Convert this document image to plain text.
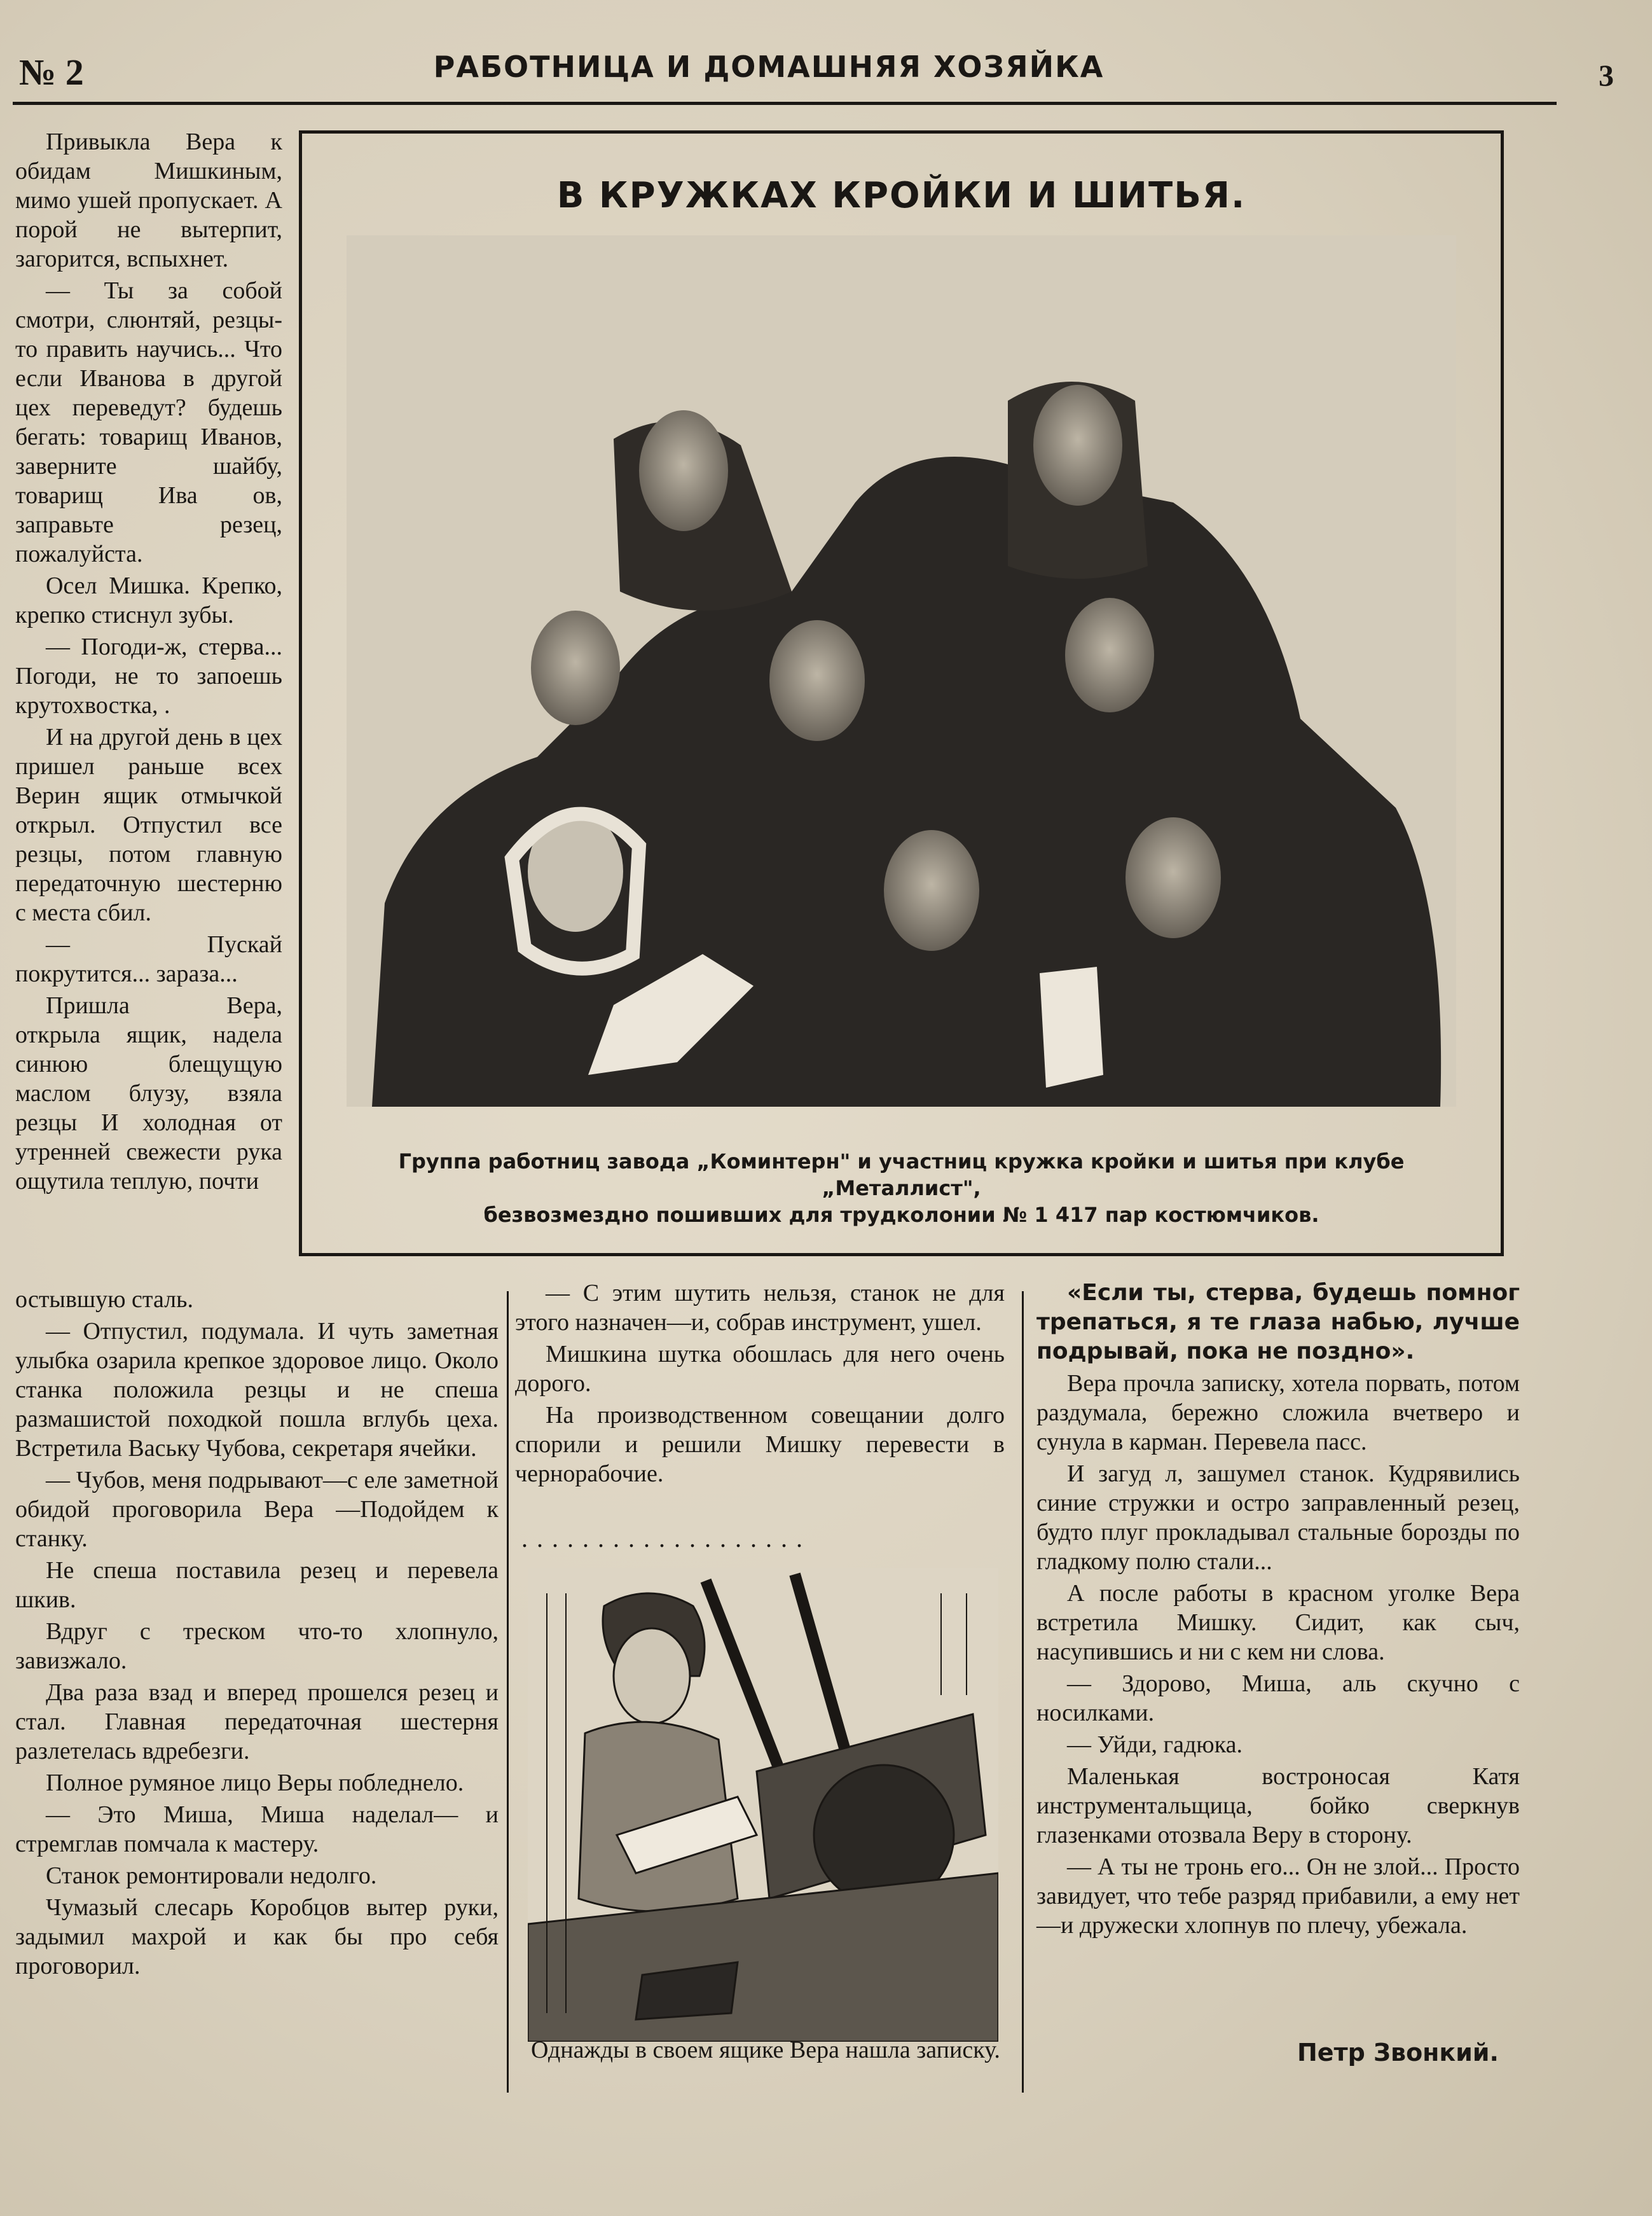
№ 2	РАБОТНИЦА И ДОМАШНЯЯ ХОЗЯЙКА	3

Привыкла Вера к обидам Мишкиным, мимо ушей пропускает. А порой не вытерпит, загорится, вспыхнет.

— Ты за собой смотри, слюнтяй, резцы-то править научись... Что если Иванова в другой цех переведут? будешь бегать: товарищ Иванов, заверните шайбу, товарищ Ива ов, заправьте резец, пожалуйста.

Осел Мишка. Крепко, крепко стиснул зубы.

— Погоди-ж, стерва... Погоди, не то запоешь крутохвостка, .

И на другой день в цех пришел раньше всех Верин ящик отмычкой открыл. Отпустил все резцы, потом главную передаточную шестерню с места сбил.

— Пускай покрутится... зараза...

Пришла Вера, открыла ящик, надела синюю блещущую маслом блузу, взяла резцы И холодная от утренней свежести рука ощутила теплую, почти

В КРУЖКАХ КРОЙКИ И ШИТЬЯ.
Группа работниц завода „Коминтерн" и участниц кружка кройки и шитья при клубе „Металлист",
безвозмездно пошивших для трудколонии № 1 417 пар костюмчиков.

остывшую сталь.

— Отпустил, подумала. И чуть заметная улыбка озарила крепкое здоровое лицо. Около станка положила резцы и не спеша размашистой походкой пошла вглубь цеха. Встретила Ваську Чубова, секретаря ячейки.

— Чубов, меня подрывают—с еле заметной обидой проговорила Вера —Подойдем к станку.

Не спеша поставила резец и перевела шкив.

Вдруг с треском что-то хлопнуло, завизжало.

Два раза взад и вперед прошелся резец и стал. Главная передаточная шестерня разлетелась вдребезги.

Полное румяное лицо Веры побледнело.

— Это Миша, Миша наделал— и стремглав помчала к мастеру.

Станок ремонтировали недолго.

Чумазый слесарь Коробцов вытер руки, задымил махрой и как бы про себя проговорил.

— С этим шутить нельзя, станок не для этого назначен—и, собрав инструмент, ушел.

Мишкина шутка обошлась для него очень дорого.

На производственном совещании долго спорили и решили Мишку перевести в чернорабочие.

...................
Однажды в своем ящике Вера нашла записку.

«Если ты, стерва, будешь помног трепаться, я те глаза набью, лучше подрывай, пока не поздно».

Вера прочла записку, хотела порвать, потом раздумала, бережно сложила вчетверо и сунула в карман. Перевела пасс.

И загуд л, зашумел станок. Кудрявились синие стружки и остро заправленный резец, будто плуг прокладывал стальные борозды по гладкому полю стали...

А после работы в красном уголке Вера встретила Мишку. Сидит, как сыч, насупившись и ни с кем ни слова.

— Здорово, Миша, аль скучно с носилками.

— Уйди, гадюка.

Маленькая востроносая Катя инструментальщица, бойко сверкнув глазенками отозвала Веру в сторону.

— А ты не тронь его... Он не злой... Просто завидует, что тебе разряд прибавили, а ему нет—и дружески хлопнув по плечу, убежала.

Петр Звонкий.
